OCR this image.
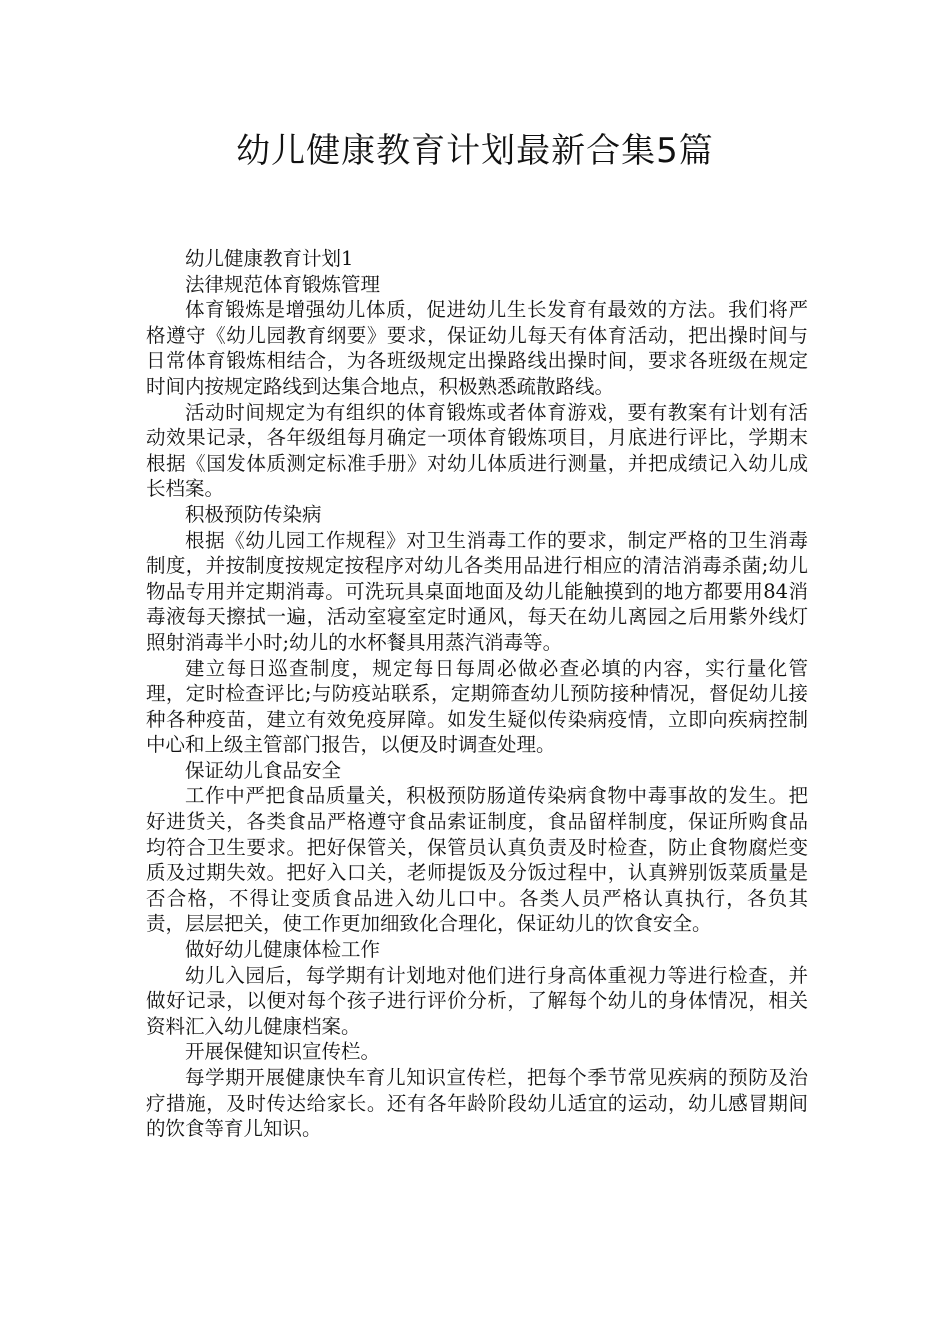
幼儿健康教育计划最新合集5篇

幼儿健康教育计划1

法律规范体育锻炼管理

体育锻炼是增强幼儿体质，促进幼儿生长发育有最效的方法。我们将严格遵守《幼儿园教育纲要》要求，保证幼儿每天有体育活动，把出操时间与日常体育锻炼相结合，为各班级规定出操路线出操时间，要求各班级在规定时间内按规定路线到达集合地点，积极熟悉疏散路线。

活动时间规定为有组织的体育锻炼或者体育游戏，要有教案有计划有活动效果记录，各年级组每月确定一项体育锻炼项目，月底进行评比，学期末根据《国发体质测定标准手册》对幼儿体质进行测量，并把成绩记入幼儿成长档案。

积极预防传染病

根据《幼儿园工作规程》对卫生消毒工作的要求，制定严格的卫生消毒制度，并按制度按规定按程序对幼儿各类用品进行相应的清洁消毒杀菌;幼儿物品专用并定期消毒。可洗玩具桌面地面及幼儿能触摸到的地方都要用84消毒液每天擦拭一遍，活动室寝室定时通风，每天在幼儿离园之后用紫外线灯照射消毒半小时;幼儿的水杯餐具用蒸汽消毒等。

建立每日巡查制度，规定每日每周必做必查必填的内容，实行量化管理，定时检查评比;与防疫站联系，定期筛查幼儿预防接种情况，督促幼儿接种各种疫苗，建立有效免疫屏障。如发生疑似传染病疫情，立即向疾病控制中心和上级主管部门报告，以便及时调查处理。

保证幼儿食品安全

工作中严把食品质量关，积极预防肠道传染病食物中毒事故的发生。把好进货关，各类食品严格遵守食品索证制度，食品留样制度，保证所购食品均符合卫生要求。把好保管关，保管员认真负责及时检查，防止食物腐烂变质及过期失效。把好入口关，老师提饭及分饭过程中，认真辨别饭菜质量是否合格，不得让变质食品进入幼儿口中。各类人员严格认真执行，各负其责，层层把关，使工作更加细致化合理化，保证幼儿的饮食安全。

做好幼儿健康体检工作

幼儿入园后，每学期有计划地对他们进行身高体重视力等进行检查，并做好记录，以便对每个孩子进行评价分析，了解每个幼儿的身体情况，相关资料汇入幼儿健康档案。

开展保健知识宣传栏。

每学期开展健康快车育儿知识宣传栏，把每个季节常见疾病的预防及治疗措施，及时传达给家长。还有各年龄阶段幼儿适宜的运动，幼儿感冒期间的饮食等育儿知识。
